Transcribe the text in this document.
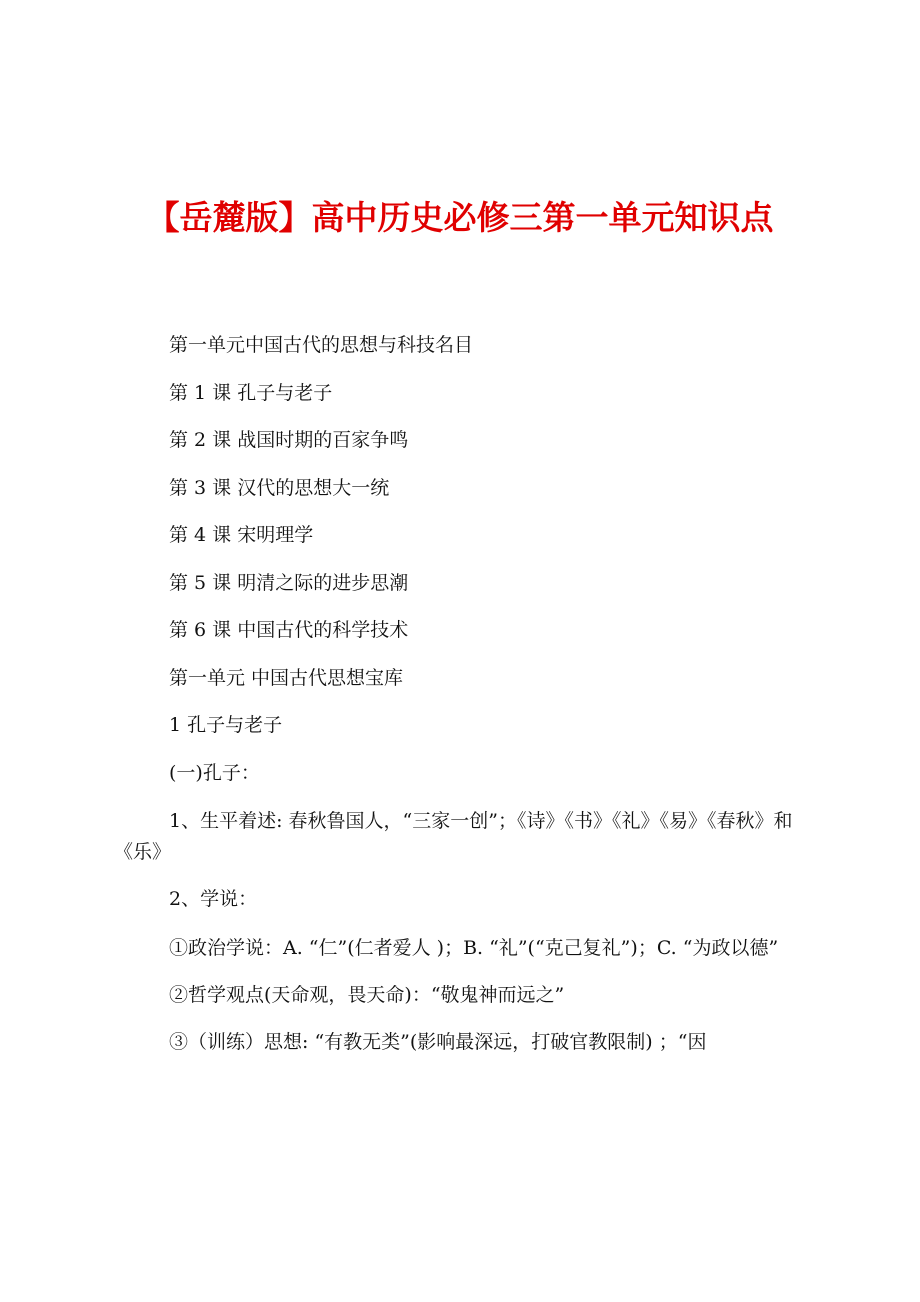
【岳麓版】高中历史必修三第一单元知识点

第一单元中国古代的思想与科技名目

第 1 课 孔子与老子

第 2 课 战国时期的百家争鸣

第 3 课 汉代的思想大一统

第 4 课 宋明理学

第 5 课 明清之际的进步思潮

第 6 课 中国古代的科学技术

第一单元 中国古代思想宝库

1 孔子与老子

(一)孔子：

1、生平着述: 春秋鲁国人，“三家一创”；《诗》《书》《礼》《易》《春秋》和《乐》

2、学说：

①政治学说：A. “仁”(仁者爱人 )；B. “礼”(“克己复礼”)；C. “为政以德”

②哲学观点(天命观，畏天命)：“敬鬼神而远之”

③（训练）思想: “有教无类”(影响最深远，打破官教限制) ；“因
